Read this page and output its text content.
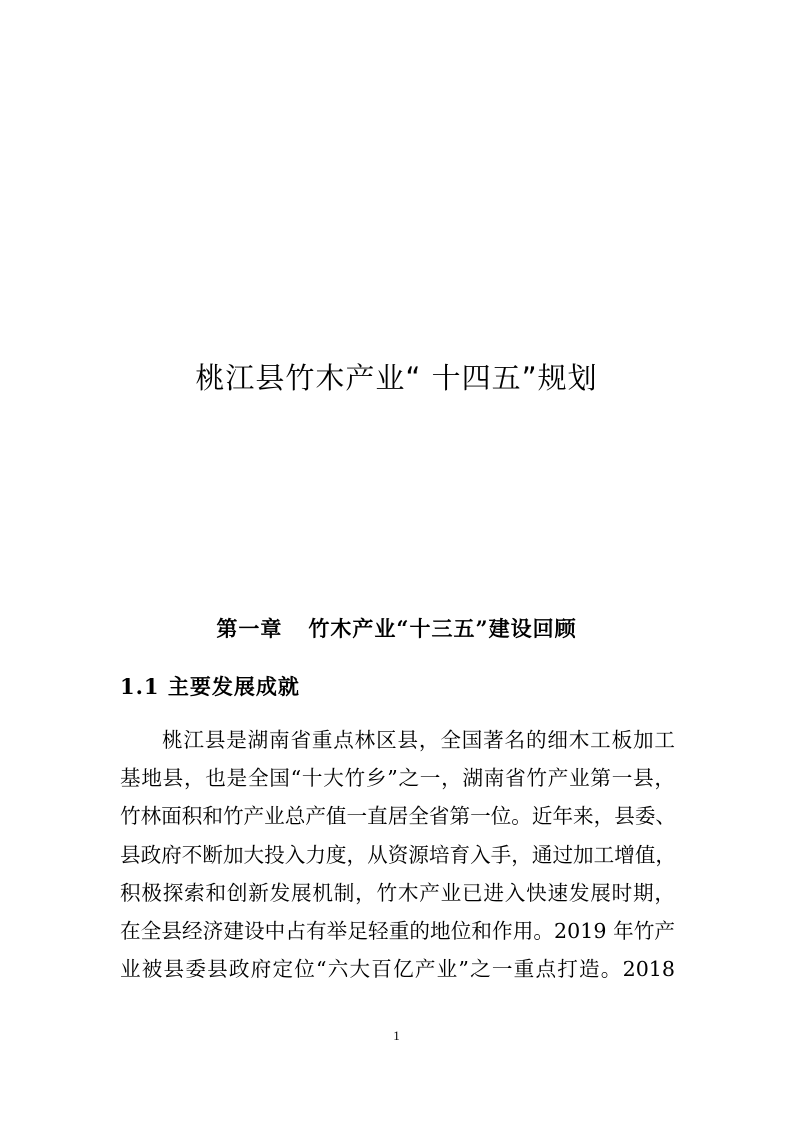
桃江县竹木产业“ 十四五”规划
第一章 竹木产业“十三五”建设回顾
1.1 主要发展成就
桃江县是湖南省重点林区县，全国著名的细木工板加工
基地县，也是全国“十大竹乡”之一，湖南省竹产业第一县，
竹林面积和竹产业总产值一直居全省第一位。近年来，县委、
县政府不断加大投入力度，从资源培育入手，通过加工增值，
积极探索和创新发展机制，竹木产业已进入快速发展时期，
在全县经济建设中占有举足轻重的地位和作用。2019 年竹产
业被县委县政府定位“六大百亿产业”之一重点打造。2018
1
